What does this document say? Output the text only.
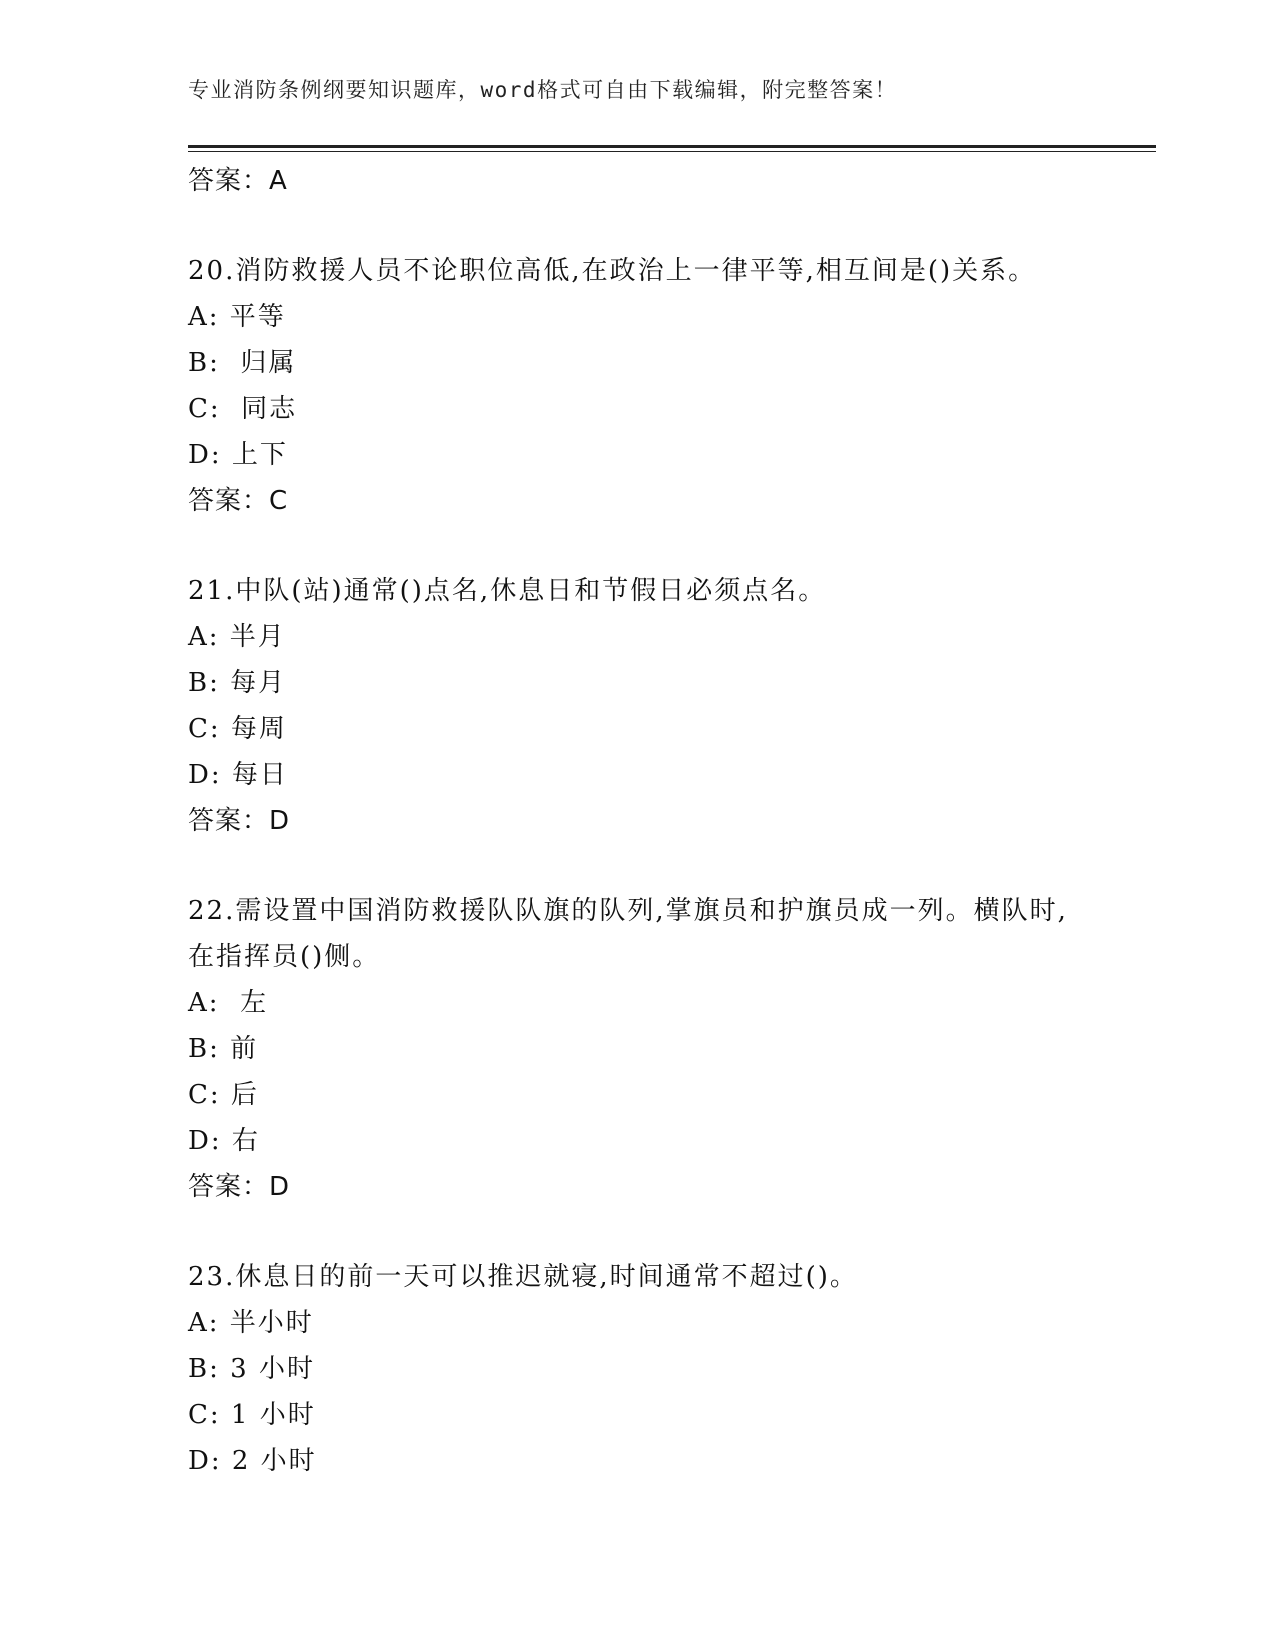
专业消防条例纲要知识题库，word格式可自由下载编辑，附完整答案！
答案：A
20.消防救援人员不论职位高低,在政治上一律平等,相互间是()关系。
A: 平等
B:  归属
C:  同志
D: 上下
答案：C
21.中队(站)通常()点名,休息日和节假日必须点名。
A: 半月
B: 每月
C: 每周
D: 每日
答案：D
22.需设置中国消防救援队队旗的队列,掌旗员和护旗员成一列。横队时,在指挥员()侧。
A:  左
B: 前
C: 后
D: 右
答案：D
23.休息日的前一天可以推迟就寝,时间通常不超过()。
A: 半小时
B: 3 小时
C: 1 小时
D: 2 小时
